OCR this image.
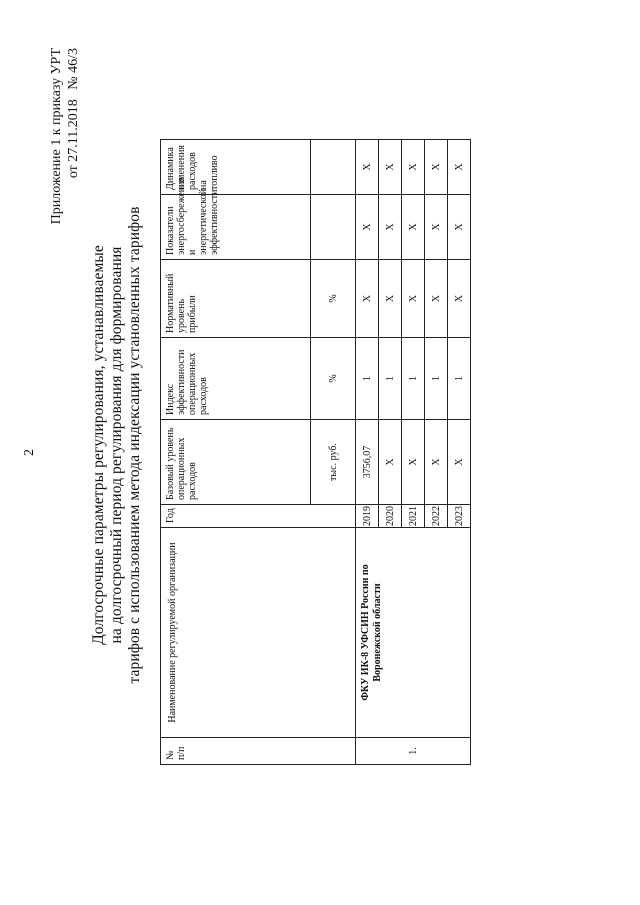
2
Приложение 1 к приказу УРТ от 27.11.2018 № 46/3
Долгосрочные параметры регулирования, устанавливаемые на долгосрочный период регулирования для формирования тарифов с использованием метода индексации установленных тарифов
№ п/п	Наименование регулируемой организации	Год	Базовый уровень операционных расходов	Индекс эффективности операционных расходов	Нормативный уровень прибыли	Показатели энергосбережения и энергетической эффективности	Динамика изменения расходов на топливо
			тыс. руб.	%	%		
1.	ФКУ ИК-8 УФСИН России по Воронежской области	2019	3756,07	1	X	X	X
		2020	X	1	X	X	X
		2021	X	1	X	X	X
		2022	X	1	X	X	X
		2023	X	1	X	X	X
